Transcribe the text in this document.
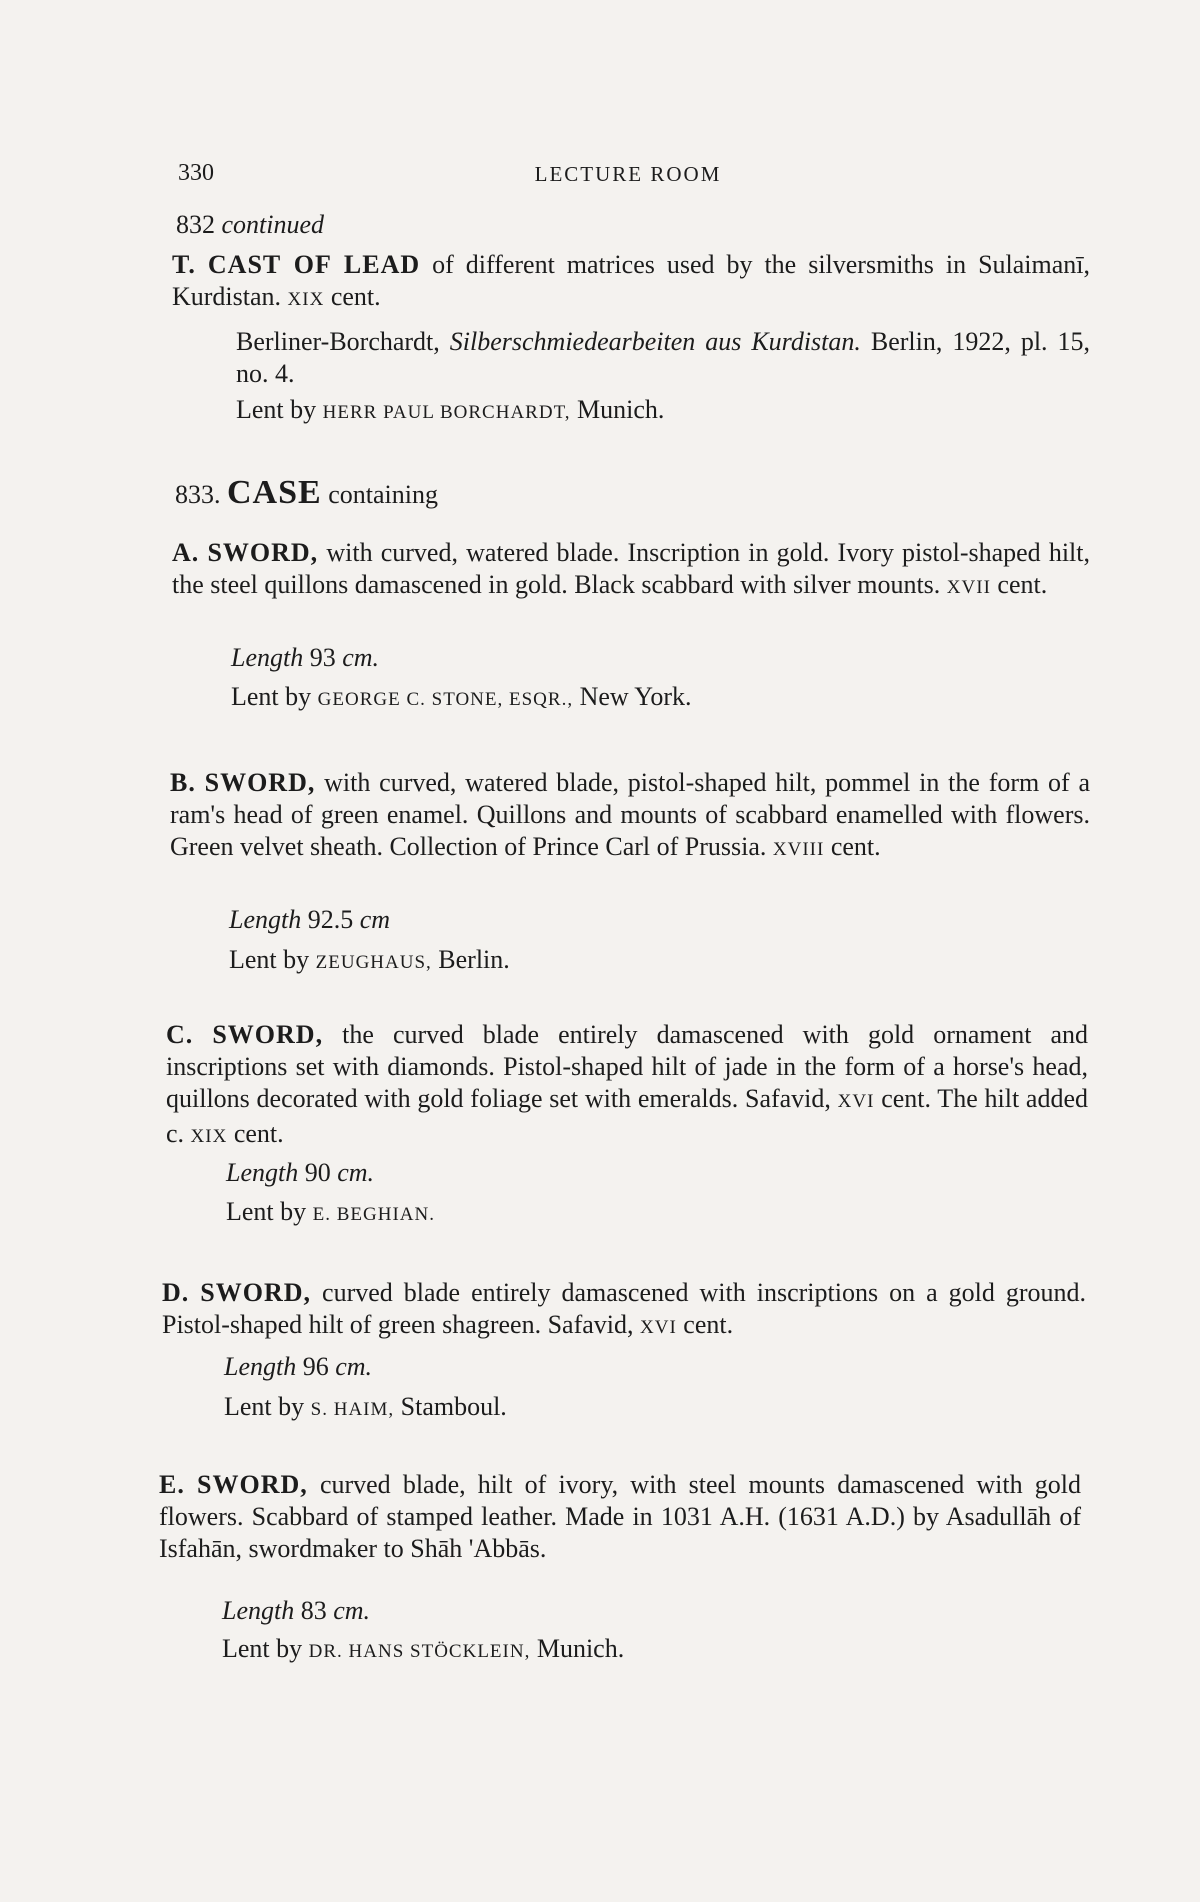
330	LECTURE ROOM
832 continued
T. CAST OF LEAD of different matrices used by the silversmiths in Sulaimanī, Kurdistan. XIX cent.
Berliner-Borchardt, Silberschmiedearbeiten aus Kurdistan. Berlin, 1922, pl. 15, no. 4.
Lent by HERR PAUL BORCHARDT, Munich.
833. CASE containing
A. SWORD, with curved, watered blade. Inscription in gold. Ivory pistol-shaped hilt, the steel quillons damascened in gold. Black scabbard with silver mounts. XVII cent.
Length 93 cm.
Lent by GEORGE C. STONE, ESQR., New York.
B. SWORD, with curved, watered blade, pistol-shaped hilt, pommel in the form of a ram's head of green enamel. Quillons and mounts of scabbard enamelled with flowers. Green velvet sheath. Collection of Prince Carl of Prussia. XVIII cent.
Length 92.5 cm
Lent by ZEUGHAUS, Berlin.
C. SWORD, the curved blade entirely damascened with gold ornament and inscriptions set with diamonds. Pistol-shaped hilt of jade in the form of a horse's head, quillons decorated with gold foliage set with emeralds. Safavid, XVI cent. The hilt added c. XIX cent.
Length 90 cm.
Lent by E. BEGHIAN.
D. SWORD, curved blade entirely damascened with inscriptions on a gold ground. Pistol-shaped hilt of green shagreen. Safavid, XVI cent.
Length 96 cm.
Lent by S. HAIM, Stamboul.
E. SWORD, curved blade, hilt of ivory, with steel mounts damascened with gold flowers. Scabbard of stamped leather. Made in 1031 A.H. (1631 A.D.) by Asadullāh of Isfahān, swordmaker to Shāh 'Abbās.
Length 83 cm.
Lent by DR. HANS STÖCKLEIN, Munich.
